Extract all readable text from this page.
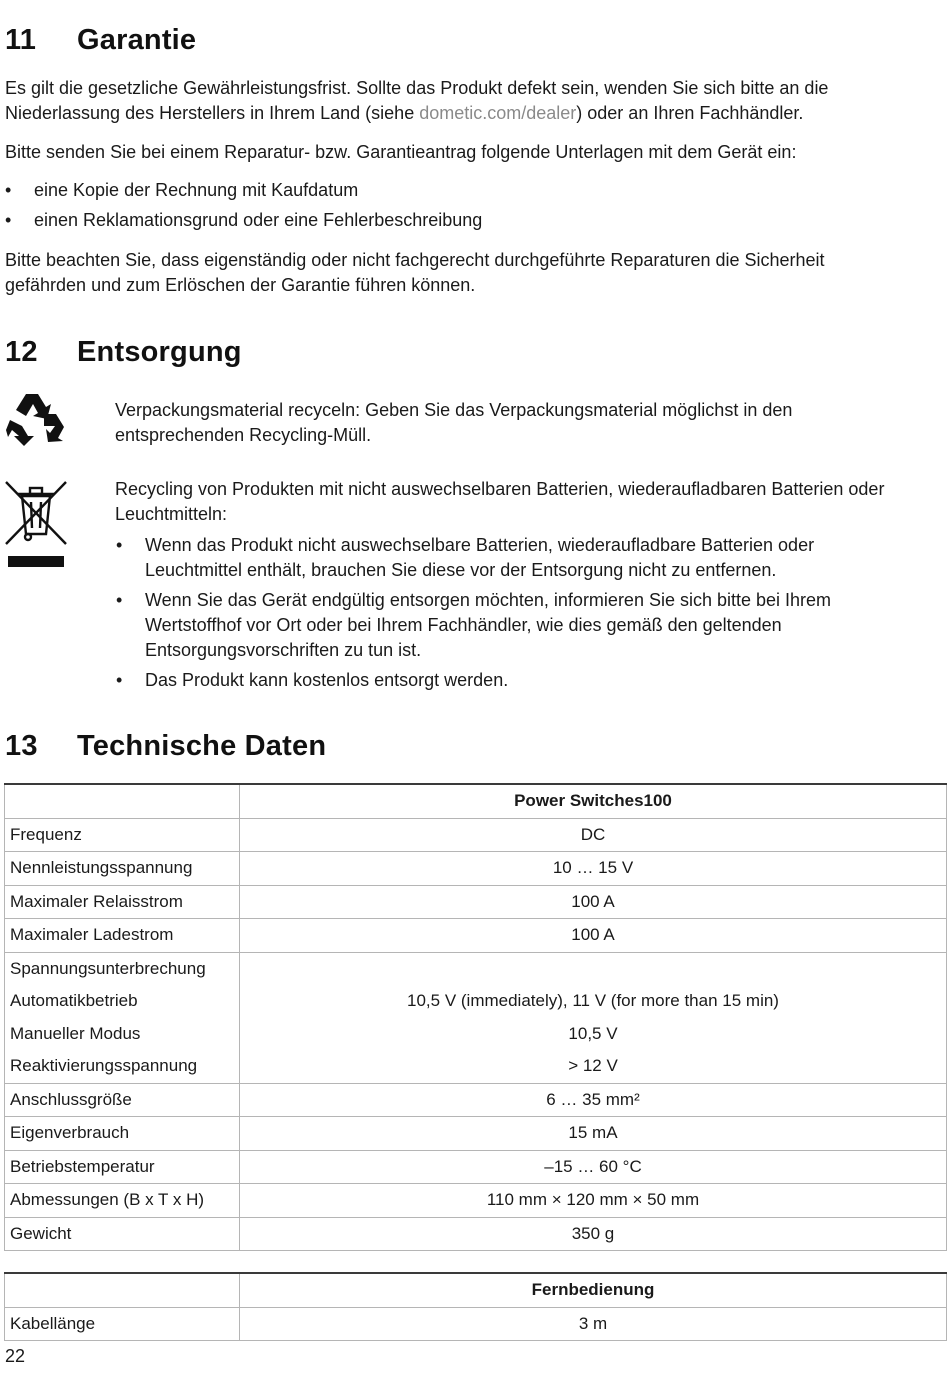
11 Garantie

Es gilt die gesetzliche Gewährleistungsfrist. Sollte das Produkt defekt sein, wenden Sie sich bitte an die Niederlassung des Herstellers in Ihrem Land (siehe dometic.com/dealer) oder an Ihren Fachhändler.

Bitte senden Sie bei einem Reparatur- bzw. Garantieantrag folgende Unterlagen mit dem Gerät ein:

• eine Kopie der Rechnung mit Kaufdatum
• einen Reklamationsgrund oder eine Fehlerbeschreibung

Bitte beachten Sie, dass eigenständig oder nicht fachgerecht durchgeführte Reparaturen die Sicherheit gefährden und zum Erlöschen der Garantie führen können.

12 Entsorgung

Verpackungsmaterial recyceln: Geben Sie das Verpackungsmaterial möglichst in den entsprechenden Recycling-Müll.

Recycling von Produkten mit nicht auswechselbaren Batterien, wiederaufladbaren Batterien oder Leuchtmitteln:

• Wenn das Produkt nicht auswechselbare Batterien, wiederaufladbare Batterien oder Leuchtmittel enthält, brauchen Sie diese vor der Entsorgung nicht zu entfernen.
• Wenn Sie das Gerät endgültig entsorgen möchten, informieren Sie sich bitte bei Ihrem Wertstoffhof vor Ort oder bei Ihrem Fachhändler, wie dies gemäß den geltenden Entsorgungsvorschriften zu tun ist.
• Das Produkt kann kostenlos entsorgt werden.
13 Technische Daten
	Power Switches100
Frequenz	DC
Nennleistungsspannung	10 … 15 V
Maximaler Relaisstrom	100 A
Maximaler Ladestrom	100 A
Spannungsunterbrechung	
Automatikbetrieb	10,5 V (immediately), 11 V (for more than 15 min)
Manueller Modus	10,5 V
Reaktivierungsspannung	> 12 V
Anschlussgröße	6 … 35 mm²
Eigenverbrauch	15 mA
Betriebstemperatur	–15 … 60 °C
Abmessungen (B x T x H)	110 mm × 120 mm × 50 mm
Gewicht	350 g
	Fernbedienung
Kabellänge	3 m
22
